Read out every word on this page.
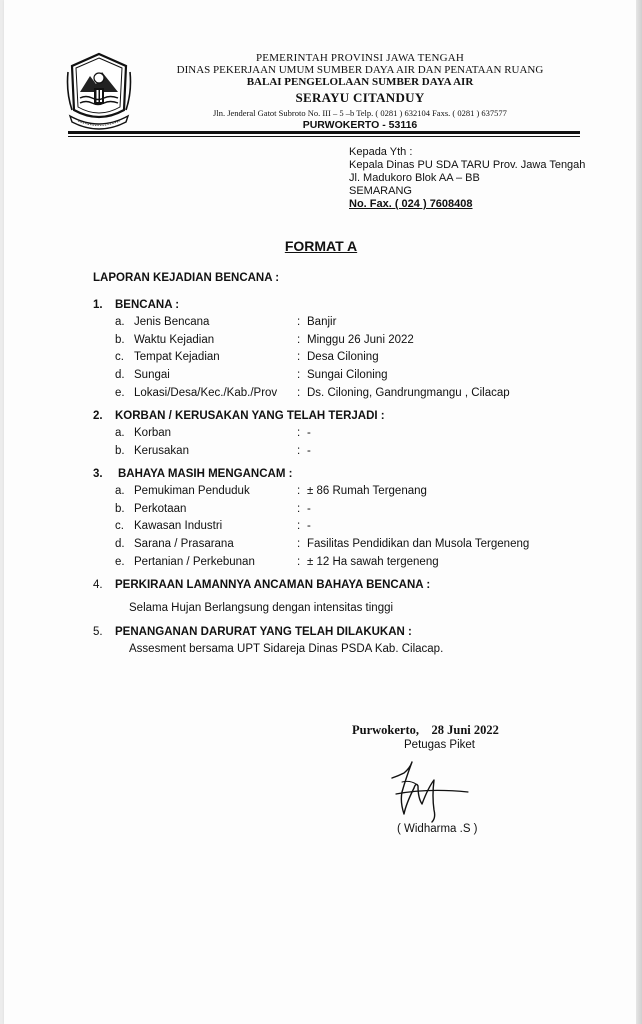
PEMERINTAH PROVINSI JAWA TENGAH
DINAS PEKERJAAN UMUM SUMBER DAYA AIR DAN PENATAAN RUANG
BALAI PENGELOLAAN SUMBER DAYA AIR
SERAYU CITANDUY
Jln. Jenderal Gatot Subroto No. III – 5 –b Telp. ( 0281 ) 632104 Faxs. ( 0281 ) 637577
PURWOKERTO - 53116
Kepada Yth :
Kepala Dinas PU SDA TARU Prov. Jawa Tengah
Jl. Madukoro Blok AA – BB
SEMARANG
No. Fax. ( 024 ) 7608408
FORMAT A
LAPORAN KEJADIAN BENCANA :
1. BENCANA :
a. Jenis Bencana	: Banjir
b. Waktu Kejadian	: Minggu 26 Juni 2022
c. Tempat Kejadian	: Desa Ciloning
d. Sungai	: Sungai Ciloning
e. Lokasi/Desa/Kec./Kab./Prov : Ds. Ciloning, Gandrungmangu , Cilacap
2. KORBAN / KERUSAKAN YANG TELAH TERJADI :
a. Korban	: -
b. Kerusakan	: -
3. BAHAYA MASIH MENGANCAM :
a. Pemukiman Penduduk	: ± 86 Rumah Tergenang
b. Perkotaan	: -
c. Kawasan Industri	: -
d. Sarana / Prasarana	: Fasilitas Pendidikan dan Musola Tergeneng
e. Pertanian / Perkebunan	: ± 12 Ha sawah tergeneng
4. PERKIRAAN LAMANNYA ANCAMAN BAHAYA BENCANA :
Selama Hujan Berlangsung dengan intensitas tinggi
5. PENANGANAN DARURAT YANG TELAH DILAKUKAN :
Assesment bersama UPT Sidareja Dinas PSDA Kab. Cilacap.
Purwokerto,    28 Juni 2022
Petugas Piket
( Widharma .S )
